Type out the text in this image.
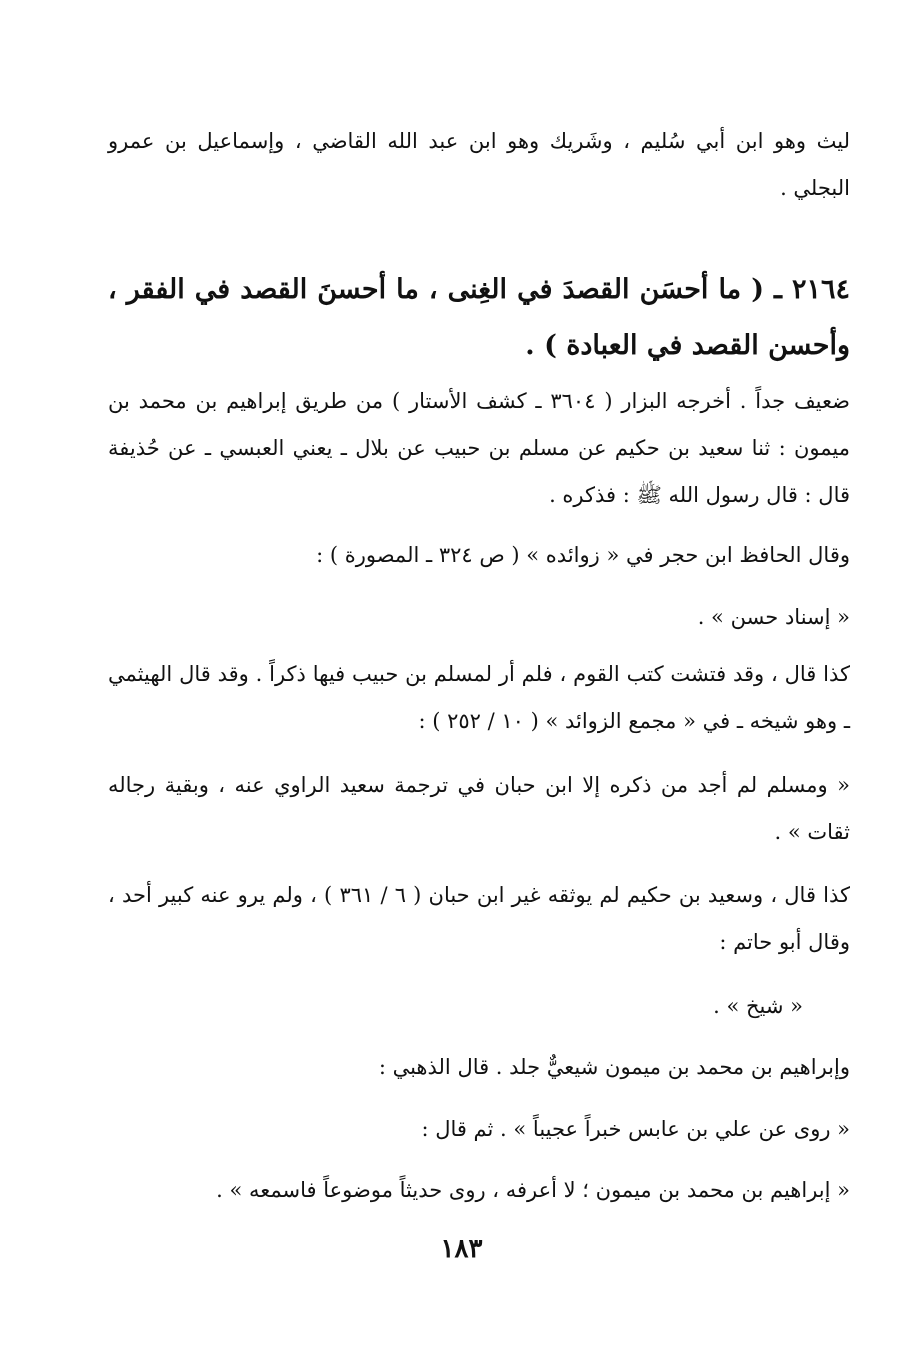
ليث وهو ابن أبي سُليم ، وشَريك وهو ابن عبد الله القاضي ، وإسماعيل بن عمرو البجلي .

٢١٦٤ ـ ( ما أحسَن القصدَ في الغِنى ، ما أحسنَ القصد في الفقر ، وأحسن القصد في العبادة ) .

ضعيف جداً . أخرجه البزار ( ٣٦٠٤ ـ كشف الأستار ) من طريق إبراهيم بن محمد بن ميمون : ثنا سعيد بن حكيم عن مسلم بن حبيب عن بلال ـ يعني العبسي ـ عن حُذيفة قال : قال رسول الله ﷺ : فذكره .

وقال الحافظ ابن حجر في « زوائده » ( ص ٣٢٤ ـ المصورة ) :

« إسناد حسن » .

كذا قال ، وقد فتشت كتب القوم ، فلم أر لمسلم بن حبيب فيها ذكراً . وقد قال الهيثمي ـ وهو شيخه ـ في « مجمع الزوائد » ( ١٠ / ٢٥٢ ) :

« ومسلم لم أجد من ذكره إلا ابن حبان في ترجمة سعيد الراوي عنه ، وبقية رجاله ثقات » .

كذا قال ، وسعيد بن حكيم لم يوثقه غير ابن حبان ( ٦ / ٣٦١ ) ، ولم يرو عنه كبير أحد ، وقال أبو حاتم :

« شيخ » .

وإبراهيم بن محمد بن ميمون شيعيٌّ جلد . قال الذهبي :

« روى عن علي بن عابس خبراً عجيباً » . ثم قال :

« إبراهيم بن محمد بن ميمون ؛ لا أعرفه ، روى حديثاً موضوعاً فاسمعه » .

١٨٣
